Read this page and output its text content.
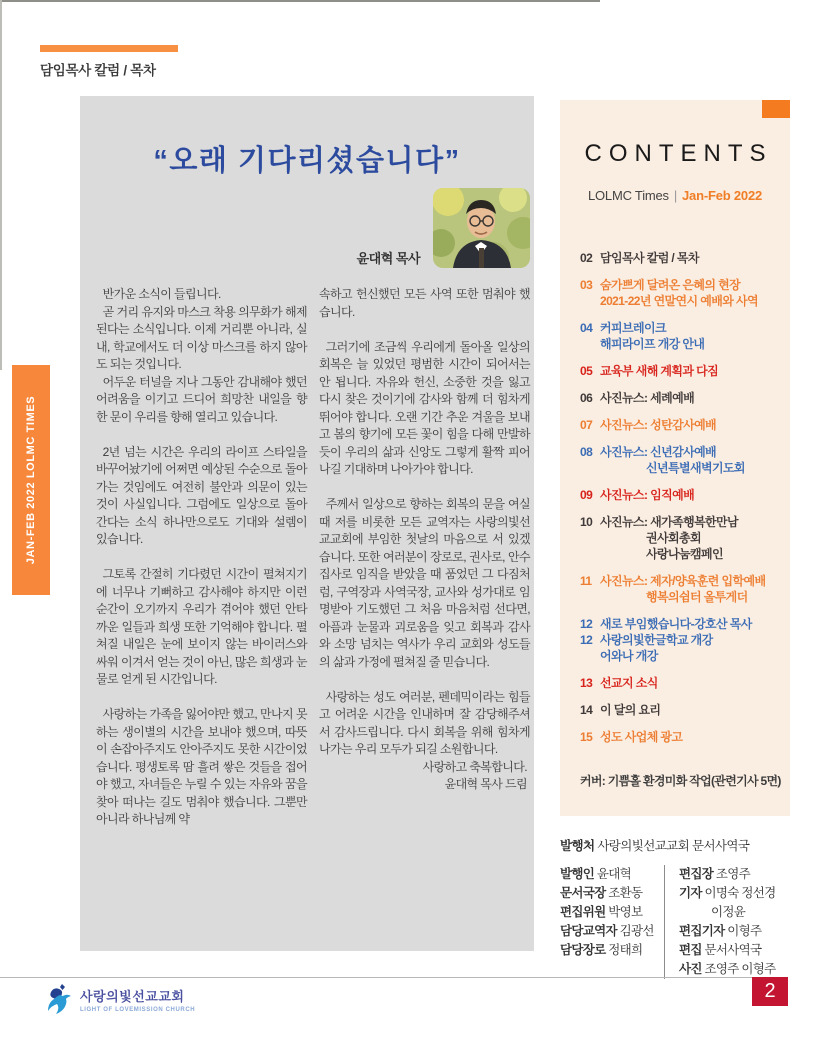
담임목사 칼럼 / 목차
JAN-FEB 2022 LOLMC TIMES
“오래 기다리셨습니다”
윤대혁 목사

반가운 소식이 들립니다.

곧 거리 유지와 마스크 착용 의무화가 해제된다는 소식입니다. 이제 거리뿐 아니라, 실내, 학교에서도 더 이상 마스크를 하지 않아도 되는 것입니다.

어두운 터널을 지나 그동안 감내해야 했던 어려움을 이기고 드디어 희망찬 내일을 향한 문이 우리를 향해 열리고 있습니다.

2년 넘는 시간은 우리의 라이프 스타일을 바꾸어놨기에 어쩌면 예상된 수순으로 돌아가는 것임에도 여전히 불안과 의문이 있는 것이 사실입니다. 그럼에도 일상으로 돌아간다는 소식 하나만으로도 기대와 설렘이 있습니다.

그토록 간절히 기다렸던 시간이 펼쳐지기에 너무나 기뻐하고 감사해야 하지만 이런 순간이 오기까지 우리가 겪어야 했던 안타까운 일들과 희생 또한 기억해야 합니다. 펼쳐질 내일은 눈에 보이지 않는 바이러스와 싸워 이겨서 얻는 것이 아닌, 많은 희생과 눈물로 얻게 된 시간입니다.

사랑하는 가족을 잃어야만 했고, 만나지 못하는 생이별의 시간을 보내야 했으며, 따뜻이 손잡아주지도 안아주지도 못한 시간이었습니다. 평생토록 땀 흘려 쌓은 것들을 접어야 했고, 자녀들은 누릴 수 있는 자유와 꿈을 찾아 떠나는 길도 멈춰야 했습니다. 그뿐만 아니라 하나님께 약

속하고 헌신했던 모든 사역 또한 멈춰야 했습니다.

그러기에 조금씩 우리에게 돌아올 일상의 회복은 늘 있었던 평범한 시간이 되어서는 안 됩니다. 자유와 헌신, 소중한 것을 잃고 다시 찾은 것이기에 감사와 함께 더 힘차게 뛰어야 합니다. 오랜 기간 추운 겨울을 보내고 봄의 향기에 모든 꽃이 힘을 다해 만발하듯이 우리의 삶과 신앙도 그렇게 활짝 피어나길 기대하며 나아가야 합니다.

주께서 일상으로 향하는 회복의 문을 여실 때 저를 비롯한 모든 교역자는 사랑의빛선교교회에 부임한 첫날의 마음으로 서 있겠습니다. 또한 여러분이 장로로, 권사로, 안수집사로 임직을 받았을 때 품었던 그 다짐처럼, 구역장과 사역국장, 교사와 성가대로 임명받아 기도했던 그 처음 마음처럼 선다면, 아픔과 눈물과 괴로움을 잊고 회복과 감사와 소망 넘치는 역사가 우리 교회와 성도들의 삶과 가정에 펼쳐질 줄 믿습니다.

사랑하는 성도 여러분, 펜데믹이라는 힘들고 어려운 시간을 인내하며 잘 감당해주셔서 감사드립니다. 다시 회복을 위해 힘차게 나가는 우리 모두가 되길 소원합니다.

사랑하고 축복합니다.

윤대혁 목사 드림

CONTENTS
LOLMC Times | Jan-Feb 2022
02 담임목사 칼럼 / 목차
03 숨가쁘게 달려온 은혜의 현장
2021-22년 연말연시 예배와 사역
04 커피브레이크
해피라이프 개강 안내
05 교육부 새해 계획과 다짐
06 사진뉴스: 세례예배
07 사진뉴스: 성탄감사예배
08 사진뉴스: 신년감사예배
신년특별새벽기도회
09 사진뉴스: 임직예배
10 사진뉴스: 새가족행복한만남
권사회총회
사랑나눔캠페인
11 사진뉴스: 제자/양육훈련 입학예배
행복의쉼터 올투게더
12 새로 부임했습니다-강호산 목사
12 사랑의빛한글학교 개강
어와나 개강
13 선교지 소식
14 이 달의 요리
15 성도 사업체 광고
커버: 기쁨홀 환경미화 작업(관련기사 5면)
발행처 사랑의빛선교교회 문서사역국
발행인 윤대혁
문서국장 조환동
편집위원 박영보
담당교역자 김광선
담당장로 정태희
편집장 조영주
기자 이명숙 정선경
이정윤
편집기자 이형주
편집 문서사역국
사진 조영주 이형주
2
사랑의빛선교교회
LIGHT OF LOVEMISSION CHURCH
